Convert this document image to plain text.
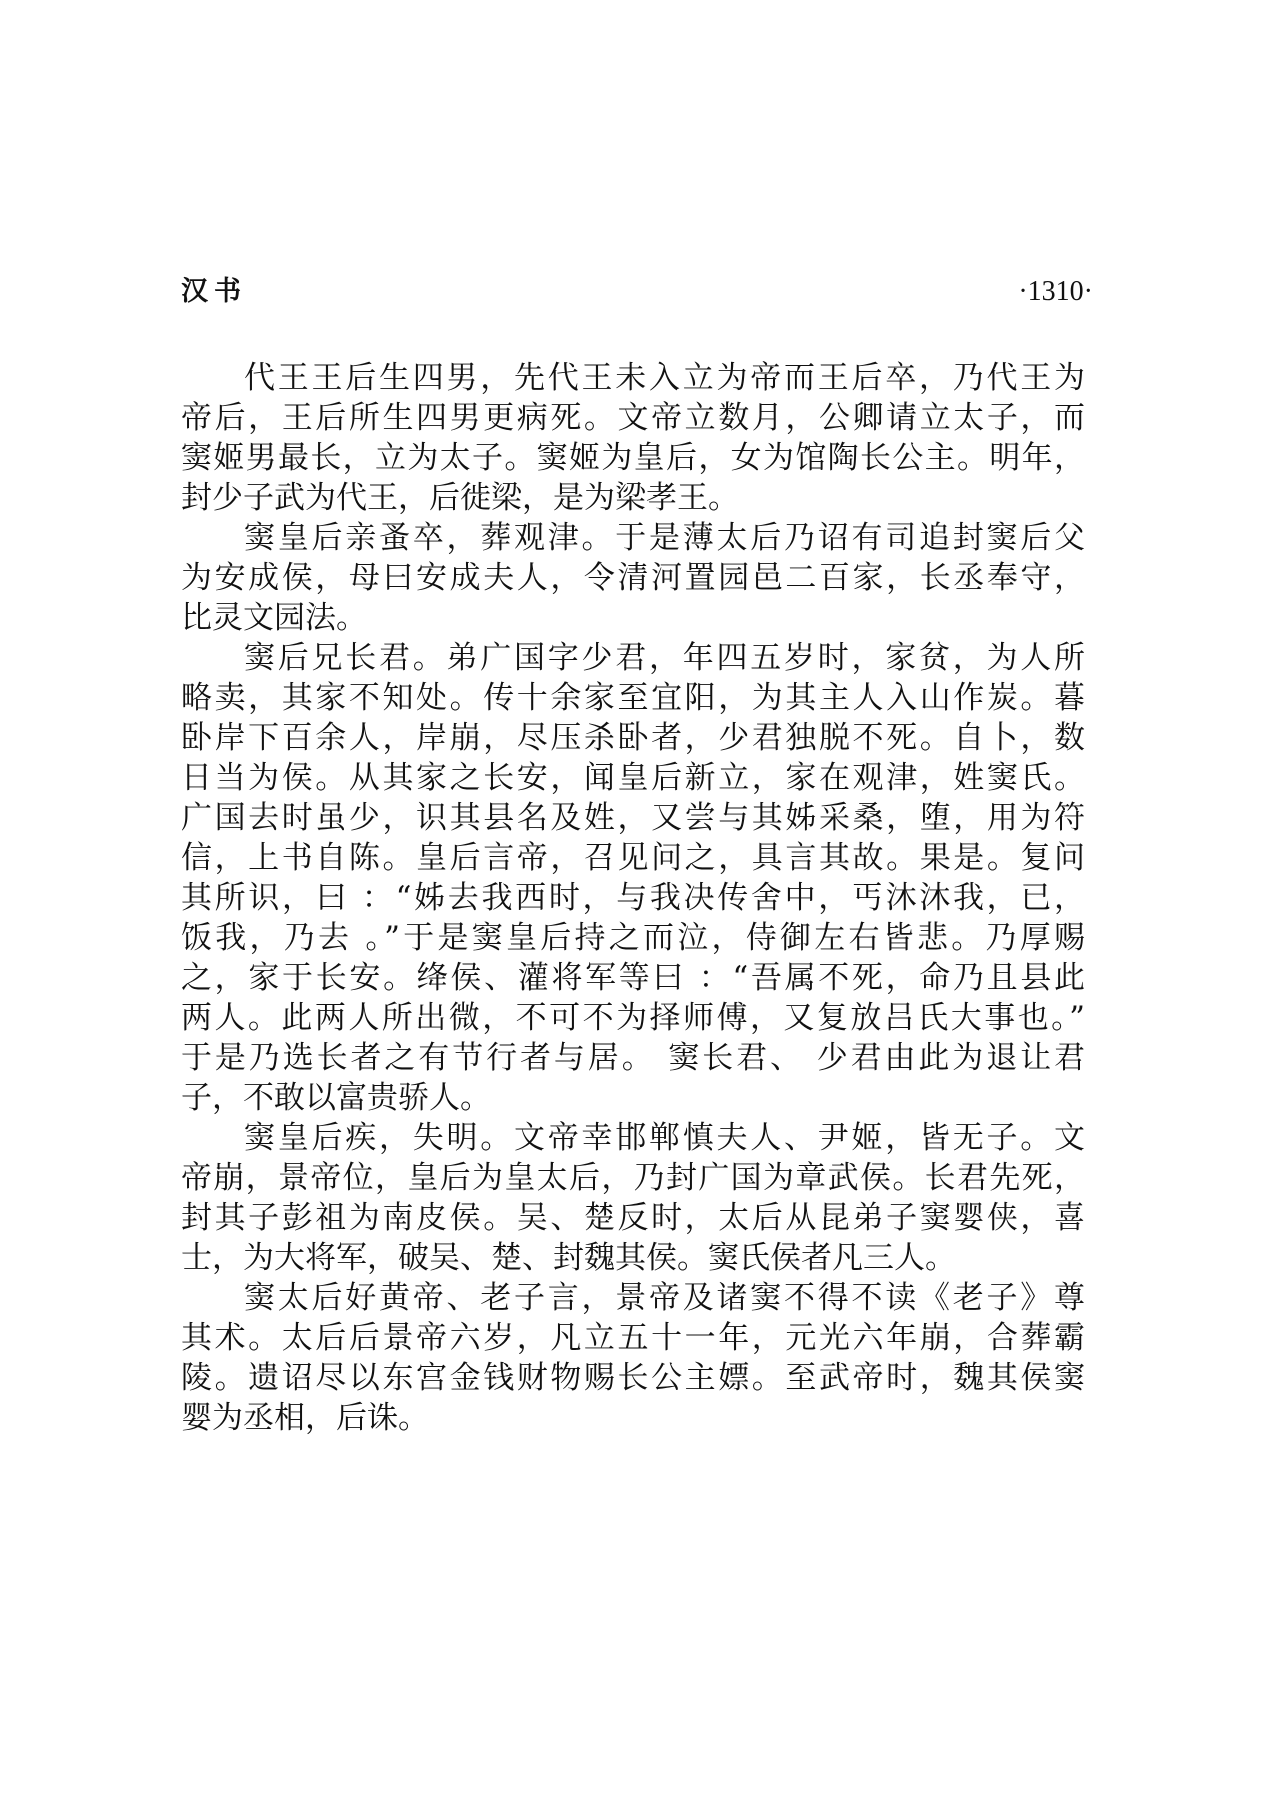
汉书	·1310·
代王王后生四男，先代王未入立为帝而王后卒，乃代王为
帝后，王后所生四男更病死。文帝立数月，公卿请立太子，而
窦姬男最长，立为太子。窦姬为皇后，女为馆陶长公主。明年，
封少子武为代王，后徙梁，是为梁孝王。
窦皇后亲蚤卒，葬观津。于是薄太后乃诏有司追封窦后父
为安成侯，母曰安成夫人，令清河置园邑二百家，长丞奉守，
比灵文园法。
窦后兄长君。弟广国字少君，年四五岁时，家贫，为人所
略卖，其家不知处。传十余家至宜阳，为其主人入山作炭。暮
卧岸下百余人，岸崩，尽压杀卧者，少君独脱不死。自卜，数
日当为侯。从其家之长安，闻皇后新立，家在观津，姓窦氏。
广国去时虽少，识其县名及姓，又尝与其姊采桑，堕，用为符
信，上书自陈。皇后言帝，召见问之，具言其故。果是。复问
其所识，曰 ：“姊去我西时，与我决传舍中，丐沐沐我，已，
饭我，乃去 。”于是窦皇后持之而泣，侍御左右皆悲。乃厚赐
之，家于长安。绛侯、灌将军等曰 ：“吾属不死，命乃且县此
两人。此两人所出微，不可不为择师傅，又复放吕氏大事也。”
于是乃选长者之有节行者与居。 窦长君、 少君由此为退让君
子，不敢以富贵骄人。
窦皇后疾，失明。文帝幸邯郸慎夫人、尹姬，皆无子。文
帝崩，景帝位，皇后为皇太后，乃封广国为章武侯。长君先死，
封其子彭祖为南皮侯。吴、楚反时，太后从昆弟子窦婴侠，喜
士，为大将军，破吴、楚、封魏其侯。窦氏侯者凡三人。
窦太后好黄帝、老子言，景帝及诸窦不得不读《老子》尊
其术。太后后景帝六岁，凡立五十一年，元光六年崩，合葬霸
陵。遗诏尽以东宫金钱财物赐长公主嫖。至武帝时，魏其侯窦
婴为丞相，后诛。
